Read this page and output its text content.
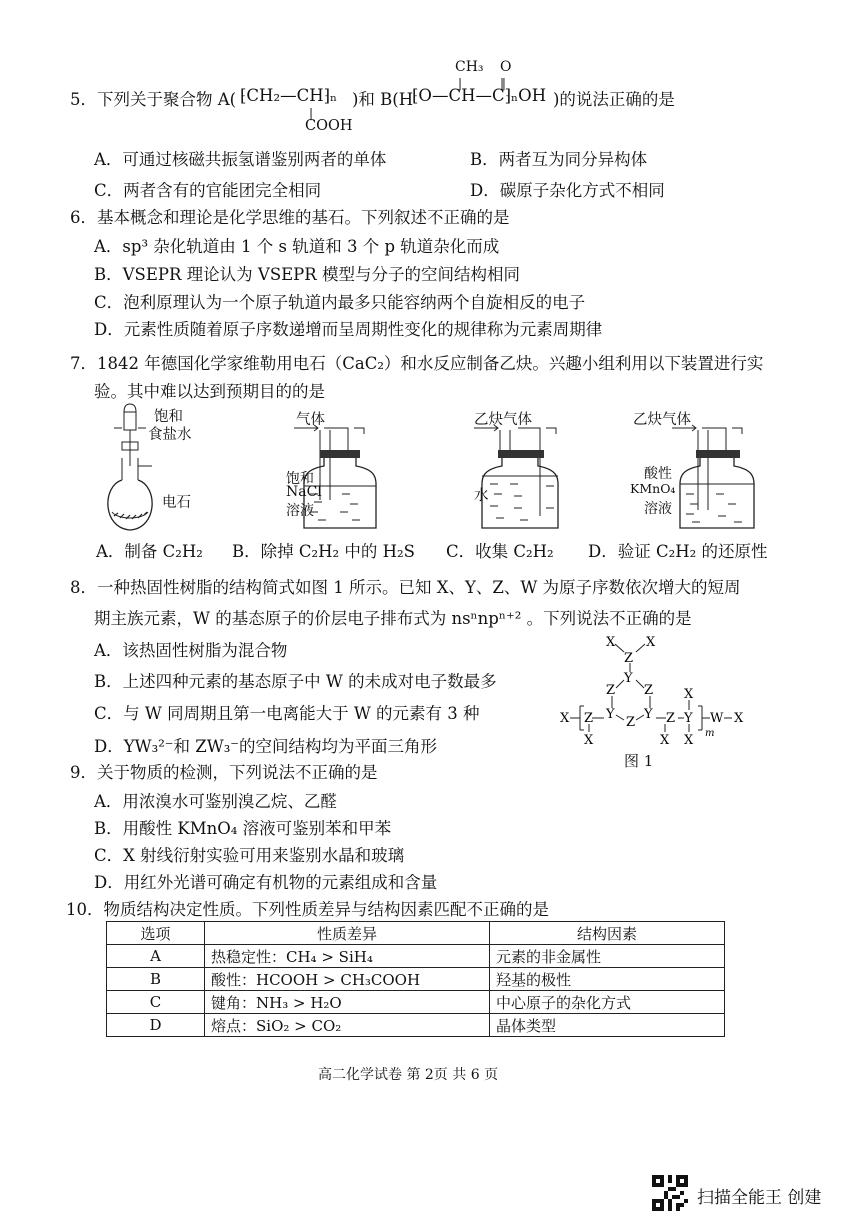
CH₃ O
‖
|
5．下列关于聚合物 A( ⁅CH₂—CH⁆ₙ )和 B(H
⁅O—CH—C⁆ₙOH )的说法正确的是
|
COOH
A．可通过核磁共振氢谱鉴别两者的单体	B．两者互为同分异构体
C．两者含有的官能团完全相同	D．碳原子杂化方式不相同
6．基本概念和理论是化学思维的基石。下列叙述不正确的是
A．sp³ 杂化轨道由 1 个 s 轨道和 3 个 p 轨道杂化而成
B．VSEPR 理论认为 VSEPR 模型与分子的空间结构相同
C．泡利原理认为一个原子轨道内最多只能容纳两个自旋相反的电子
D．元素性质随着原子序数递增而呈周期性变化的规律称为元素周期律
7．1842 年德国化学家维勒用电石（CaC₂）和水反应制备乙炔。兴趣小组利用以下装置进行实
验。其中难以达到预期目的的是
饱和
食盐水
电石
气体
饱和
NaCl
溶液
乙炔气体
水
乙炔气体
酸性
KMnO₄
溶液
A．制备 C₂H₂ B．除掉 C₂H₂ 中的 H₂S C．收集 C₂H₂ D．验证 C₂H₂ 的还原性
8．一种热固性树脂的结构简式如图 1 所示。已知 X、Y、Z、W 为原子序数依次增大的短周
期主族元素，W 的基态原子的价层电子排布式为 nsⁿnpⁿ⁺² 。下列说法不正确的是
A．该热固性树脂为混合物
B．上述四种元素的基态原子中 W 的未成对电子数最多
C．与 W 同周期且第一电离能大于 W 的元素有 3 种
D．YW₃²⁻和 ZW₃⁻的空间结构均为平面三角形
X X
Z
Y
Z Z
Y Y
Z
X Z
X
Z Y
X
X
X	m
W X
图 1
9．关于物质的检测，下列说法不正确的是
A．用浓溴水可鉴别溴乙烷、乙醛
B．用酸性 KMnO₄ 溶液可鉴别苯和甲苯
C．X 射线衍射实验可用来鉴别水晶和玻璃
D．用红外光谱可确定有机物的元素组成和含量
10．物质结构决定性质。下列性质差异与结构因素匹配不正确的是
选项	性质差异	结构因素
A	热稳定性：CH₄ > SiH₄	元素的非金属性
B	酸性：HCOOH > CH₃COOH	羟基的极性
C	键角：NH₃ > H₂O	中心原子的杂化方式
D	熔点：SiO₂ > CO₂	晶体类型
高二化学试卷 第 2页 共 6 页
扫描全能王 创建
